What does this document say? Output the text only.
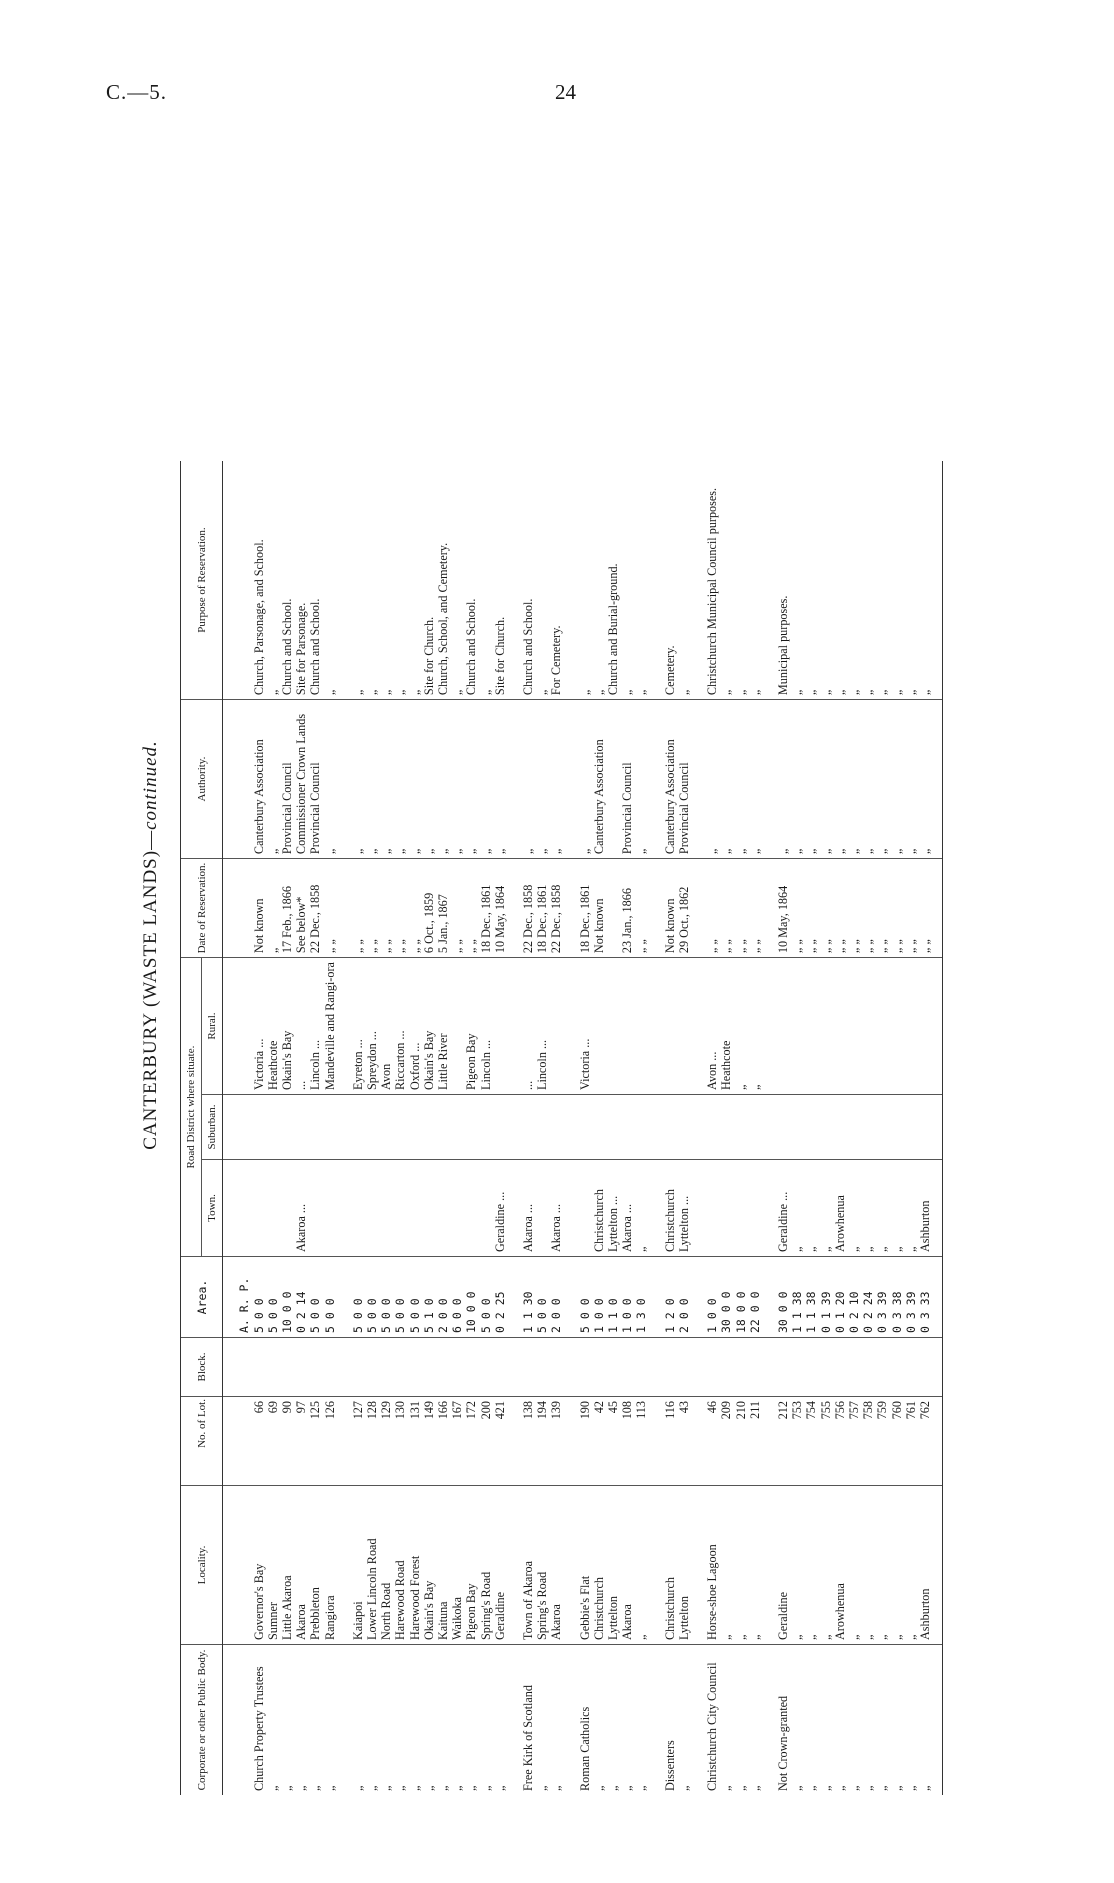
C.—5.	24
CANTERBURY (WASTE LANDS)—continued.
Corporate or other Public Body.	Locality.	No. of Lot.	Block.	Area.	Road District where situate.			Date of Reservation.	Authority.	Purpose of Reservation.
					Town.	Suburban.	Rural.			
				A. R. P.						
Church Property Trustees	Governor's Bay	66		5 0 0			Victoria ...	Not known	Canterbury Association	Church, Parsonage, and School.
„	Sumner	69		5 0 0			Heathcote	„	„	„
„	Little Akaroa	90		10 0 0			Okain's Bay	17 Feb., 1866	Provincial Council	Church and School.
„	Akaroa	97		0 2 14	Akaroa ...		...	See below*	Commissioner Crown Lands	Site for Parsonage.
„	Prebbleton	125		5 0 0			Lincoln ...	22 Dec., 1858	Provincial Council	Church and School.
„	Rangiora	126		5 0 0			Mandeville and Rangi-ora	„ „	„	„

„	Kaiapoi	127		5 0 0			Eyreton ...	„ „	„	„
„	Lower Lincoln Road	128		5 0 0			Spreydon ...	„ „	„	„
„	North Road	129		5 0 0			Avon	„ „	„	„
„	Harewood Road	130		5 0 0			Riccarton ...	„ „	„	„
„	Harewood Forest	131		5 0 0			Oxford ...	„ „	„	„
„	Okain's Bay	149		5 1 0			Okain's Bay	6 Oct., 1859	„	Site for Church.
„	Kaituna	166		2 0 0			Little River	5 Jan., 1867	„	Church, School, and Cemetery.
„	Waikoka	167		6 0 0				„ „	„	„
„	Pigeon Bay	172		10 0 0			Pigeon Bay	„ „	„	Church and School.
„	Spring's Road	200		5 0 0			Lincoln ...	18 Dec., 1861	„	„
„	Geraldine	421		0 2 25	Geraldine ...			10 May, 1864	„	Site for Church.

Free Kirk of Scotland	Town of Akaroa	138		1 1 30	Akaroa ...		...	22 Dec., 1858	„	Church and School.
„	Spring's Road	194		5 0 0			Lincoln ...	18 Dec., 1861	„	„
„	Akaroa	139		2 0 0	Akaroa ...			22 Dec., 1858	„	For Cemetery.

Roman Catholics	Gebbie's Flat	190		5 0 0			Victoria ...	18 Dec., 1861	„	„
„	Christchurch	42		1 0 0	Christchurch			Not known	Canterbury Association	„
„	Lyttelton	45		1 1 0	Lyttelton ...					Church and Burial-ground.
„	Akaroa	108		1 0 0	Akaroa ...			23 Jan., 1866	Provincial Council	„
„	„	113		1 3 0	„			„ „	„	„

Dissenters	Christchurch	116		1 2 0	Christchurch			Not known	Canterbury Association	Cemetery.
„	Lyttelton	43		2 0 0	Lyttelton ...			29 Oct., 1862	Provincial Council	„

Christchurch City Council	Horse-shoe Lagoon	46		1 0 0			Avon ...	„ „	„	Christchurch Municipal Council purposes.
„	„	209		30 0 0			Heathcote	„ „	„	„
„	„	210		18 0 0			„	„ „	„	„
„	„	211		22 0 0			„	„ „	„	„

Not Crown-granted	Geraldine	212		30 0 0	Geraldine ...			10 May, 1864	„	Municipal purposes.
„	„	753		1 1 38	„			„ „	„	„
„	„	754		1 1 38	„			„ „	„	„
„	„	755		0 1 39	„			„ „	„	„
„	Arowhenua	756		0 1 20	Arowhenua			„ „	„	„
„	„	757		0 2 10	„			„ „	„	„
„	„	758		0 2 24	„			„ „	„	„
„	„	759		0 3 39	„			„ „	„	„
„	„	760		0 3 38	„			„ „	„	„
„	„	761		0 3 39	„			„ „	„	„
„	Ashburton	762		0 3 33	Ashburton			„ „	„	„
